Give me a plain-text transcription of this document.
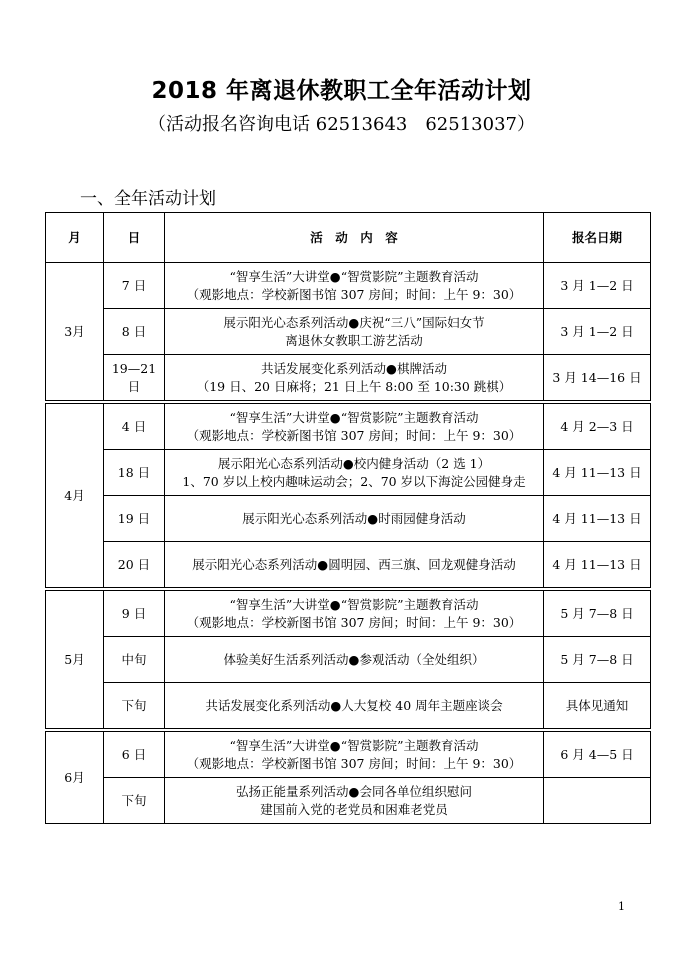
2018 年离退休教职工全年活动计划
（活动报名咨询电话 62513643　62513037）
一、全年活动计划
月	日	活　动　内　容	报名日期
3月	7 日	“智享生活”大讲堂●“智赏影院”主题教育活动
（观影地点：学校新图书馆 307 房间；时间：上午 9：30）	3 月 1—2 日
	8 日	展示阳光心态系列活动●庆祝“三八”国际妇女节
离退休女教职工游艺活动	3 月 1—2 日
	19—21 日	共话发展变化系列活动●棋牌活动
（19 日、20 日麻将；21 日上午 8:00 至 10:30 跳棋）	3 月 14—16 日

4月	4 日	“智享生活”大讲堂●“智赏影院”主题教育活动
（观影地点：学校新图书馆 307 房间；时间：上午 9：30）	4 月 2—3 日
	18 日	展示阳光心态系列活动●校内健身活动（2 选 1）
1、70 岁以上校内趣味运动会；2、70 岁以下海淀公园健身走	4 月 11—13 日
	19 日	展示阳光心态系列活动●时雨园健身活动	4 月 11—13 日
	20 日	展示阳光心态系列活动●圆明园、西三旗、回龙观健身活动	4 月 11—13 日

5月	9 日	“智享生活”大讲堂●“智赏影院”主题教育活动
（观影地点：学校新图书馆 307 房间；时间：上午 9：30）	5 月 7—8 日
	中旬	体验美好生活系列活动●参观活动（全处组织）	5 月 7—8 日
	下旬	共话发展变化系列活动●人大复校 40 周年主题座谈会	具体见通知

6月	6 日	“智享生活”大讲堂●“智赏影院”主题教育活动
（观影地点：学校新图书馆 307 房间；时间：上午 9：30）	6 月 4—5 日
	下旬	弘扬正能量系列活动●会同各单位组织慰问
建国前入党的老党员和困难老党员	

1
